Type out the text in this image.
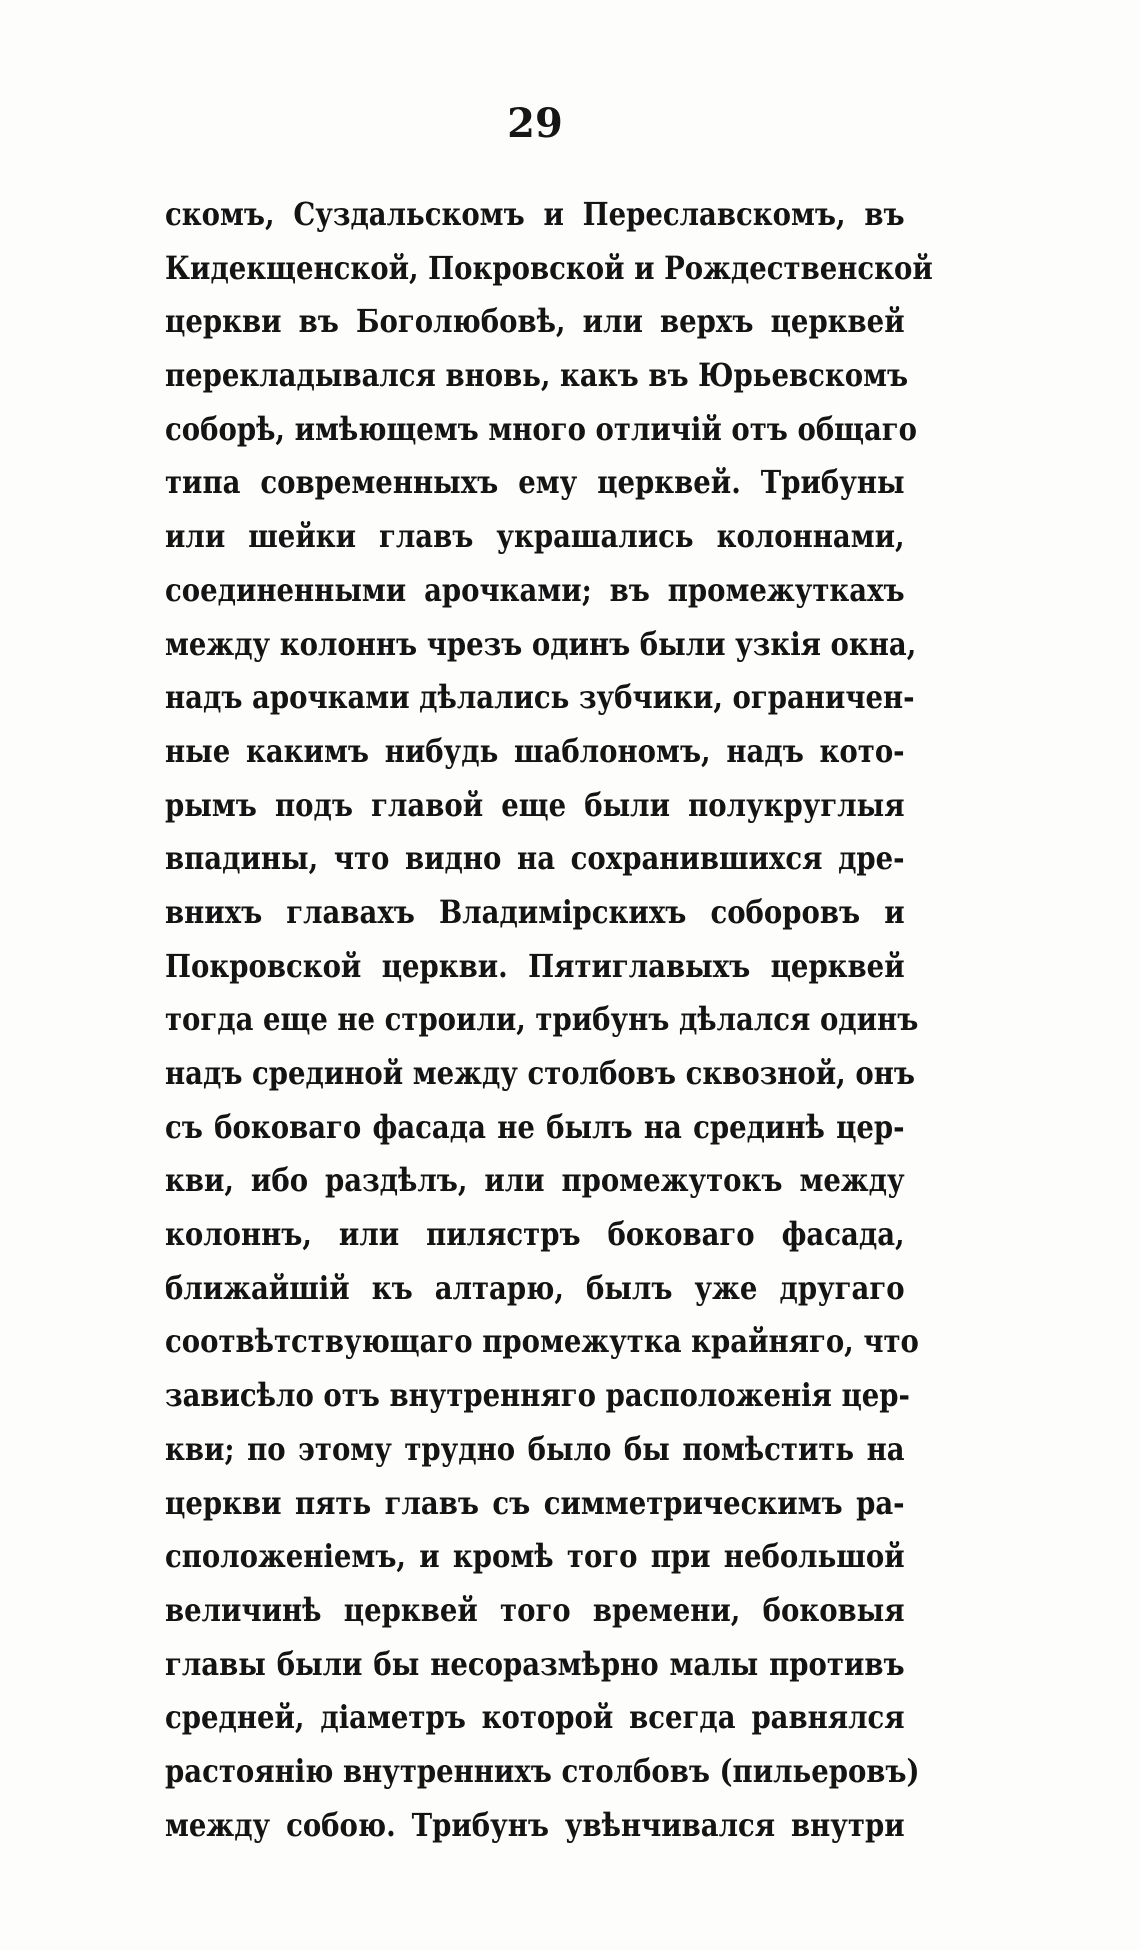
29
скомъ, Суздальскомъ и Переславскомъ, въ
Кидекщенской, Покровской и Рождественской
церкви въ Боголюбовѣ, или верхъ церквей
перекладывался вновь, какъ въ Юрьевскомъ
соборѣ, имѣющемъ много отличій отъ общаго
типа современныхъ ему церквей. Трибуны
или шейки главъ украшались колоннами,
соединенными арочками; въ промежуткахъ
между колоннъ чрезъ одинъ были узкія окна,
надъ арочками дѣлались зубчики, ограничен-
ные какимъ нибудь шаблономъ, надъ кото-
рымъ подъ главой еще были полукруглыя
впадины, что видно на сохранившихся дре-
внихъ главахъ Владимірскихъ соборовъ и
Покровской церкви. Пятиглавыхъ церквей
тогда еще не строили, трибунъ дѣлался одинъ
надъ срединой между столбовъ сквозной, онъ
съ боковаго фасада не былъ на срединѣ цер-
кви, ибо раздѣлъ, или промежутокъ между
колоннъ, или пилястръ боковаго фасада,
ближайшій къ алтарю, былъ уже другаго
соотвѣтствующаго промежутка крайняго, что
зависѣло отъ внутренняго расположенія цер-
кви; по этому трудно было бы помѣстить на
церкви пять главъ съ симметрическимъ ра-
сположеніемъ, и кромѣ того при небольшой
величинѣ церквей того времени, боковыя
главы были бы несоразмѣрно малы противъ
средней, діаметръ которой всегда равнялся
растоянію внутреннихъ столбовъ (пильеровъ)
между собою. Трибунъ увѣнчивался внутри
